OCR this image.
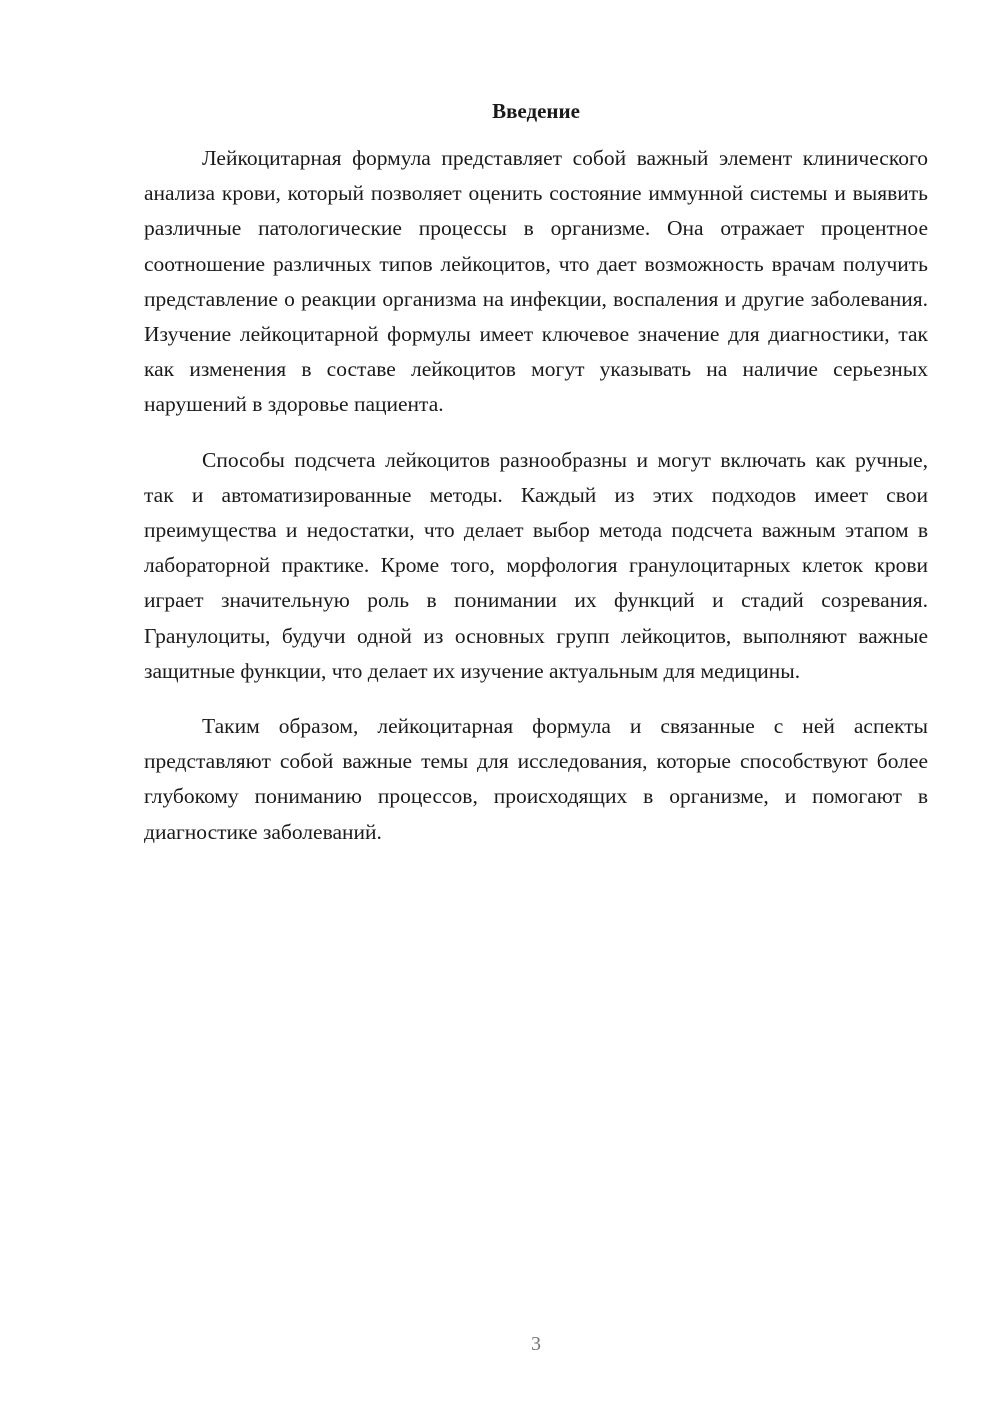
Введение

Лейкоцитарная формула представляет собой важный элемент клинического анализа крови, который позволяет оценить состояние иммунной системы и выявить различные патологические процессы в организме. Она отражает процентное соотношение различных типов лейкоцитов, что дает возможность врачам получить представление о реакции организма на инфекции, воспаления и другие заболевания. Изучение лейкоцитарной формулы имеет ключевое значение для диагностики, так как изменения в составе лейкоцитов могут указывать на наличие серьезных нарушений в здоровье пациента.

Способы подсчета лейкоцитов разнообразны и могут включать как ручные, так и автоматизированные методы. Каждый из этих подходов имеет свои преимущества и недостатки, что делает выбор метода подсчета важным этапом в лабораторной практике. Кроме того, морфология гранулоцитарных клеток крови играет значительную роль в понимании их функций и стадий созревания. Гранулоциты, будучи одной из основных групп лейкоцитов, выполняют важные защитные функции, что делает их изучение актуальным для медицины.

Таким образом, лейкоцитарная формула и связанные с ней аспекты представляют собой важные темы для исследования, которые способствуют более глубокому пониманию процессов, происходящих в организме, и помогают в диагностике заболеваний.

3
